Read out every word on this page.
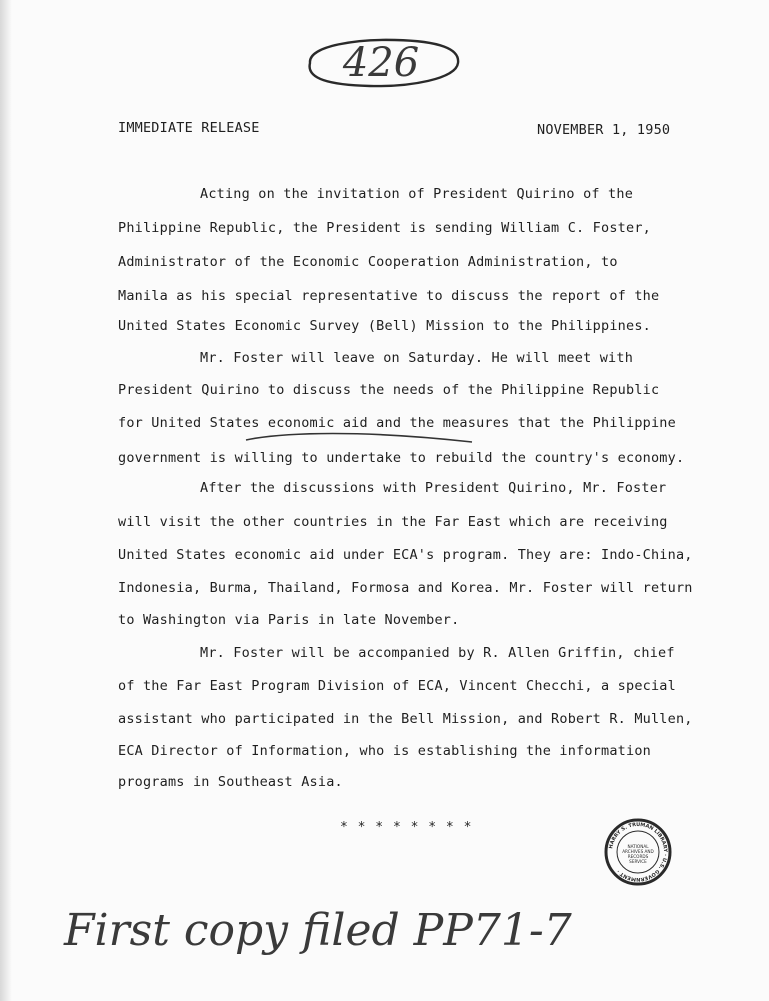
426
IMMEDIATE RELEASE	NOVEMBER 1, 1950
Acting on the invitation of President Quirino of the
Philippine Republic, the President is sending William C. Foster,
Administrator of the Economic Cooperation Administration, to
Manila as his special representative to discuss the report of the
United States Economic Survey (Bell) Mission to the Philippines.
Mr. Foster will leave on Saturday. He will meet with
President Quirino to discuss the needs of the Philippine Republic
for United States economic aid and the measures that the Philippine
government is willing to undertake to rebuild the country's economy.
After the discussions with President Quirino, Mr. Foster
will visit the other countries in the Far East which are receiving
United States economic aid under ECA's program. They are: Indo-China,
Indonesia, Burma, Thailand, Formosa and Korea. Mr. Foster will return
to Washington via Paris in late November.
Mr. Foster will be accompanied by R. Allen Griffin, chief
of the Far East Program Division of ECA, Vincent Checchi, a special
assistant who participated in the Bell Mission, and Robert R. Mullen,
ECA Director of Information, who is establishing the information
programs in Southeast Asia.
* * * * * * * *
HARRY S. TRUMAN LIBRARY · U.S. GOVERNMENT ·
NATIONAL
ARCHIVES AND
RECORDS
SERVICE
First copy filed PP71-7
